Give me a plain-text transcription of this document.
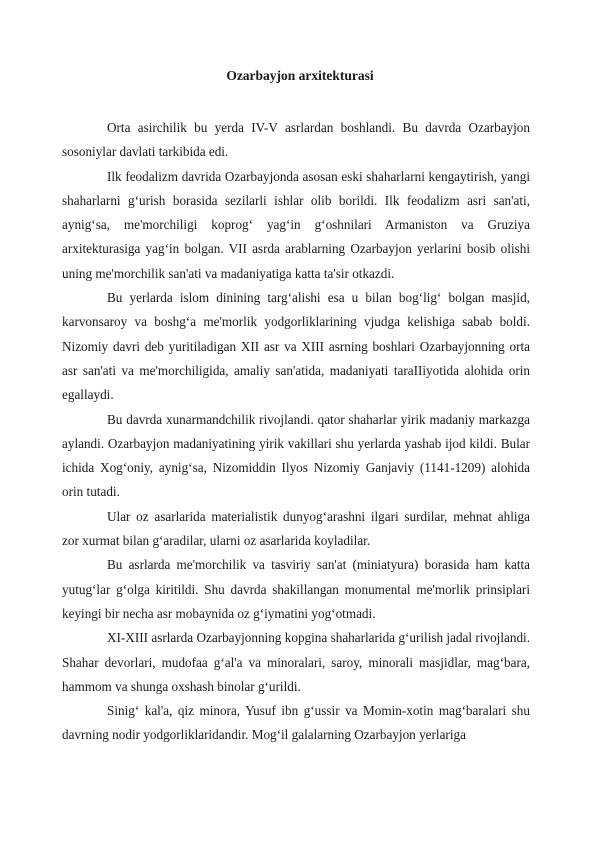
Ozarbayjon arxitekturasi

Orta asirchilik bu yerda IV-V asrlardan boshlandi. Bu davrda Ozarbayjon sosoniylar davlati tarkibida edi.

Ilk feodalizm davrida Ozarbayjonda asosan eski shaharlarni kengaytirish, yangi shaharlarni g‘urish borasida sezilarli ishlar olib borildi. Ilk feodalizm asri san'ati, aynig‘sa, me'morchiligi koprog‘ yag‘in g‘oshnilari Armaniston va Gruziya arxitekturasiga yag‘in bolgan. VII asrda arablarning Ozarbayjon yerlarini bosib olishi uning me'morchilik san'ati va madaniyatiga katta ta'sir otkazdi.

Bu yerlarda islom dinining targ‘alishi esa u bilan bog‘lig‘ bolgan masjid, karvonsaroy va boshg‘a me'morlik yodgorliklarining vjudga kelishiga sabab boldi. Nizomiy davri deb yuritiladigan XII asr va XIII asrning boshlari Ozarbayjonning orta asr san'ati va me'morchiligida, amaliy san'atida, madaniyati taraIIiyotida alohida orin egallaydi.

Bu davrda xunarmandchilik rivojlandi. qator shaharlar yirik madaniy markazga aylandi. Ozarbayjon madaniyatining yirik vakillari shu yerlarda yashab ijod kildi. Bular ichida Xog‘oniy, aynig‘sa, Nizomiddin Ilyos Nizomiy Ganjaviy (1141-1209) alohida orin tutadi.

Ular oz asarlarida materialistik dunyog‘arashni ilgari surdilar, mehnat ahliga zor xurmat bilan g‘aradilar, ularni oz asarlarida koyladilar.

Bu asrlarda me'morchilik va tasviriy san'at (miniatyura) borasida ham katta yutug‘lar g‘olga kiritildi. Shu davrda shakillangan monumental me'morlik prinsiplari keyingi bir necha asr mobaynida oz g‘iymatini yog‘otmadi.

XI-XIII asrlarda Ozarbayjonning kopgina shaharlarida g‘urilish jadal rivojlandi. Shahar devorlari, mudofaa g‘al'a va minoralari, saroy, minorali masjidlar, mag‘bara, hammom va shunga oxshash binolar g‘urildi.

Sinig‘ kal'a, qiz minora, Yusuf ibn g‘ussir va Momin-xotin mag‘baralari shu davrning nodir yodgorliklaridandir. Mog‘il galalarning Ozarbayjon yerlariga
